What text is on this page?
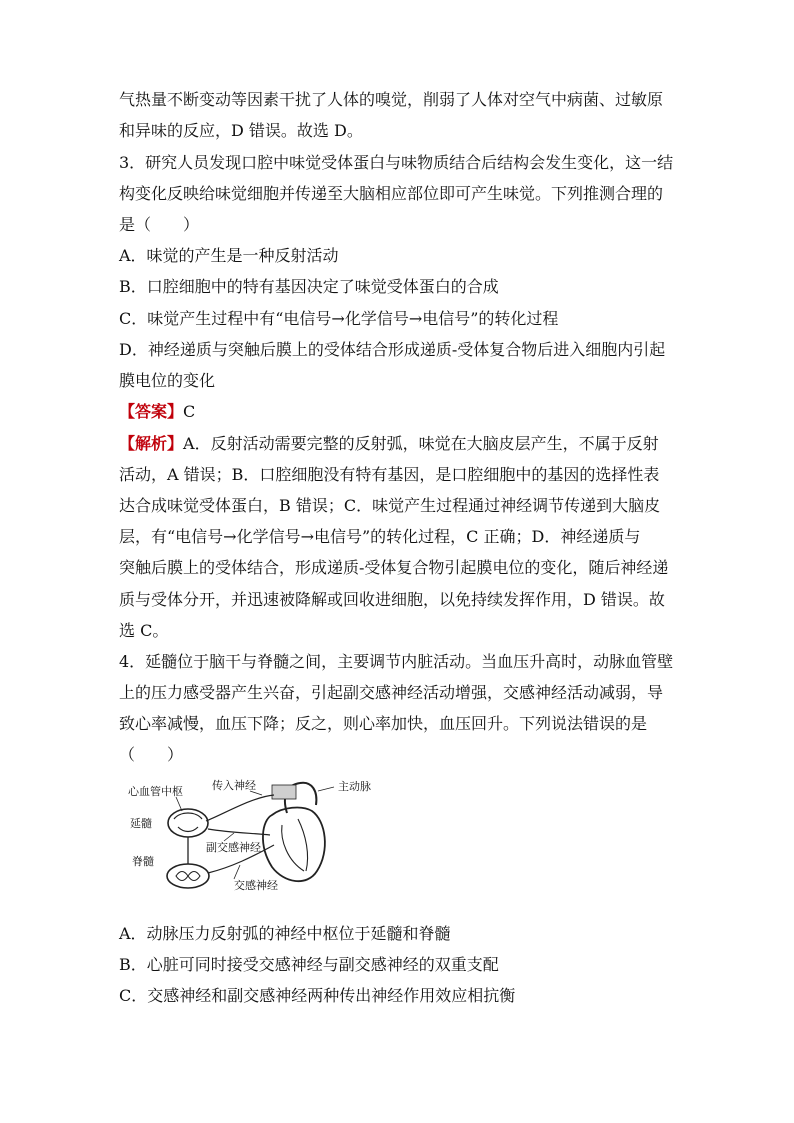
气热量不断变动等因素干扰了人体的嗅觉，削弱了人体对空气中病菌、过敏原
和异味的反应，D 错误。故选 D。
3．研究人员发现口腔中味觉受体蛋白与味物质结合后结构会发生变化，这一结
构变化反映给味觉细胞并传递至大脑相应部位即可产生味觉。下列推测合理的
是（　　）
A．味觉的产生是一种反射活动
B．口腔细胞中的特有基因决定了味觉受体蛋白的合成
C．味觉产生过程中有“电信号→化学信号→电信号”的转化过程
D．神经递质与突触后膜上的受体结合形成递质-受体复合物后进入细胞内引起
膜电位的变化
【答案】C
【解析】A．反射活动需要完整的反射弧，味觉在大脑皮层产生，不属于反射
活动，A 错误；B．口腔细胞没有特有基因，是口腔细胞中的基因的选择性表
达合成味觉受体蛋白，B 错误；C．味觉产生过程通过神经调节传递到大脑皮
层，有“电信号→化学信号→电信号”的转化过程，C 正确；D．神经递质与
突触后膜上的受体结合，形成递质-受体复合物引起膜电位的变化，随后神经递
质与受体分开，并迅速被降解或回收进细胞，以免持续发挥作用，D 错误。故
选 C。
4．延髓位于脑干与脊髓之间，主要调节内脏活动。当血压升高时，动脉血管壁
上的压力感受器产生兴奋，引起副交感神经活动增强，交感神经活动减弱，导
致心率减慢，血压下降；反之，则心率加快，血压回升。下列说法错误的是
（　　）
心血管中枢	传入神经	主动脉
延髓
副交感神经
脊髓
交感神经
A．动脉压力反射弧的神经中枢位于延髓和脊髓
B．心脏可同时接受交感神经与副交感神经的双重支配
C．交感神经和副交感神经两种传出神经作用效应相抗衡
